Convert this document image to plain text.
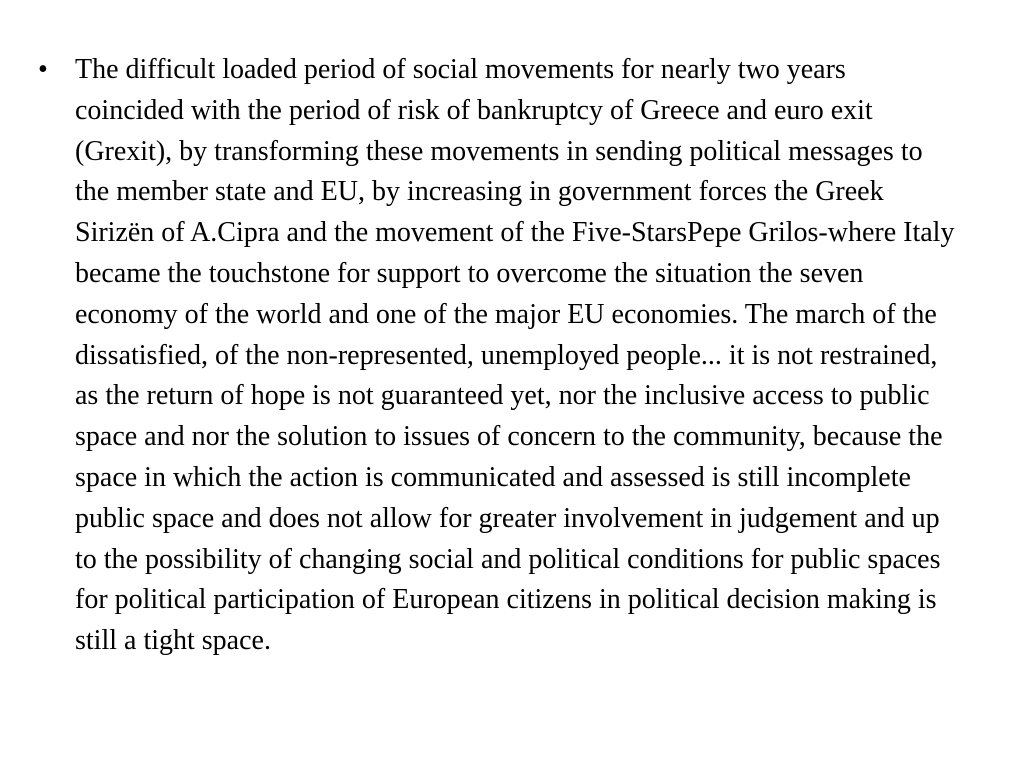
• The difficult loaded period of social movements for nearly two years coincided with the period of risk of bankruptcy of Greece and euro exit (Grexit), by transforming these movements in sending political messages to the member state and EU, by increasing in government forces the Greek Sirizën of A.Cipra and the movement of the Five-StarsPepe Grilos-where Italy became the touchstone for support to overcome the situation the seven economy of the world and one of the major EU economies. The march of the dissatisfied, of the non-represented, unemployed people... it is not restrained, as the return of hope is not guaranteed yet, nor the inclusive access to public space and nor the solution to issues of concern to the community, because the space in which the action is communicated and assessed is still incomplete public space and does not allow for greater involvement in judgement and up to the possibility of changing social and political conditions for public spaces for political participation of European citizens in political decision making is still a tight space.
